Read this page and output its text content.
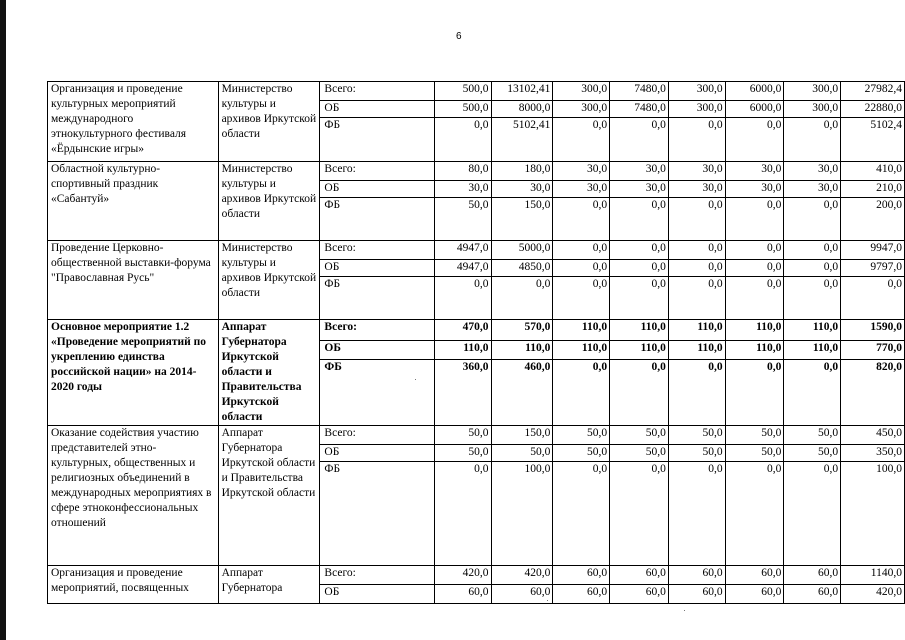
6
Организация и проведение культурных мероприятий международного этнокультурного фестиваля «Ёрдынские игры»	Министерство культуры и архивов Иркутской области	Всего:	500,0	13102,41	300,0	7480,0	300,0	6000,0	300,0	27982,4
		ОБ	500,0	8000,0	300,0	7480,0	300,0	6000,0	300,0	22880,0
		ФБ	0,0	5102,41	0,0	0,0	0,0	0,0	0,0	5102,4
Областной культурно-спортивный праздник «Сабантуй»	Министерство культуры и архивов Иркутской области	Всего:	80,0	180,0	30,0	30,0	30,0	30,0	30,0	410,0
		ОБ	30,0	30,0	30,0	30,0	30,0	30,0	30,0	210,0
		ФБ	50,0	150,0	0,0	0,0	0,0	0,0	0,0	200,0
Проведение Церковно-общественной выставки-форума "Православная Русь"	Министерство культуры и архивов Иркутской области	Всего:	4947,0	5000,0	0,0	0,0	0,0	0,0	0,0	9947,0
		ОБ	4947,0	4850,0	0,0	0,0	0,0	0,0	0,0	9797,0
		ФБ	0,0	0,0	0,0	0,0	0,0	0,0	0,0	0,0
Основное мероприятие 1.2 «Проведение мероприятий по укреплению единства российской нации» на 2014-2020 годы	Аппарат Губернатора Иркутской области и Правительства Иркутской области	Всего:	470,0	570,0	110,0	110,0	110,0	110,0	110,0	1590,0
		ОБ	110,0	110,0	110,0	110,0	110,0	110,0	110,0	770,0
		ФБ	360,0	460,0	0,0	0,0	0,0	0,0	0,0	820,0
Оказание содействия участию представителей этно-культурных, общественных и религиозных объединений в международных мероприятиях в сфере этноконфессиональных отношений	Аппарат Губернатора Иркутской области и Правительства Иркутской области	Всего:	50,0	150,0	50,0	50,0	50,0	50,0	50,0	450,0
		ОБ	50,0	50,0	50,0	50,0	50,0	50,0	50,0	350,0
		ФБ	0,0	100,0	0,0	0,0	0,0	0,0	0,0	100,0
Организация и проведение мероприятий, посвященных	Аппарат Губернатора	Всего:	420,0	420,0	60,0	60,0	60,0	60,0	60,0	1140,0
		ОБ	60,0	60,0	60,0	60,0	60,0	60,0	60,0	420,0
